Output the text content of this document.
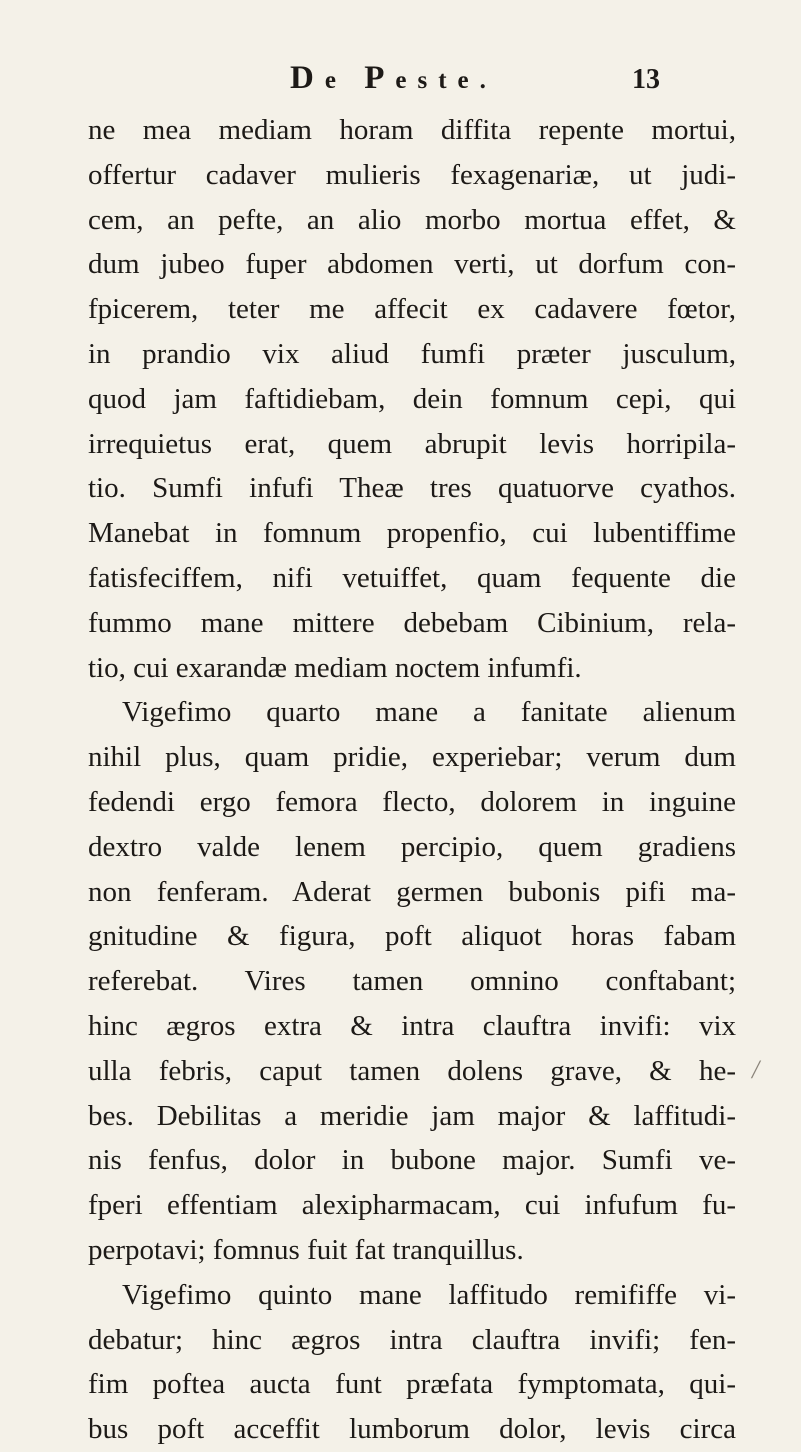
De Peste.	13
ne mea mediam horam diffita repente mortui,
offertur cadaver mulieris fexagenariæ, ut judi-
cem, an pefte, an alio morbo mortua effet, &
dum jubeo fuper abdomen verti, ut dorfum con-
fpicerem, teter me affecit ex cadavere fœtor,
in prandio vix aliud fumfi præter jusculum,
quod jam faftidiebam, dein fomnum cepi, qui
irrequietus erat, quem abrupit levis horripila-
tio. Sumfi infufi Theæ tres quatuorve cyathos.
Manebat in fomnum propenfio, cui lubentiffime
fatisfeciffem, nifi vetuiffet, quam fequente die
fummo mane mittere debebam Cibinium, rela-
tio, cui exarandæ mediam noctem infumfi.
Vigefimo quarto mane a fanitate alienum
nihil plus, quam pridie, experiebar; verum dum
fedendi ergo femora flecto, dolorem in inguine
dextro valde lenem percipio, quem gradiens
non fenferam. Aderat germen bubonis pifi ma-
gnitudine & figura, poft aliquot horas fabam
referebat. Vires tamen omnino conftabant;
hinc ægros extra & intra clauftra invifi: vix
ulla febris, caput tamen dolens grave, & he-
bes. Debilitas a meridie jam major & laffitudi-
nis fenfus, dolor in bubone major. Sumfi ve-
fperi effentiam alexipharmacam, cui infufum fu-
perpotavi; fomnus fuit fat tranquillus.
Vigefimo quinto mane laffitudo remififfe vi-
debatur; hinc ægros intra clauftra invifi; fen-
fim poftea aucta funt præfata fymptomata, qui-
bus poft acceffit lumborum dolor, levis circa
/
